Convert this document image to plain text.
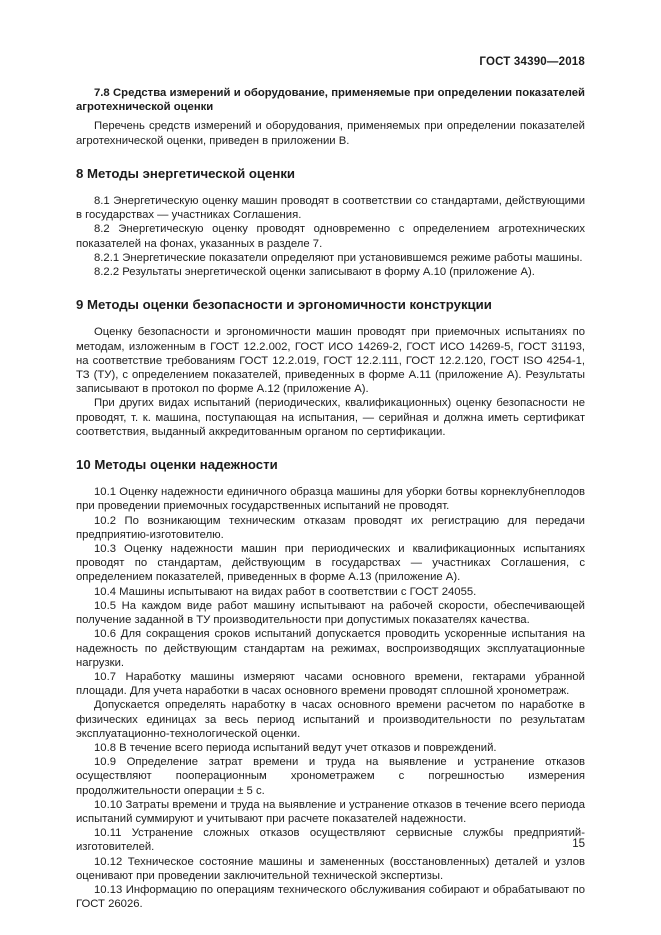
ГОСТ 34390—2018

7.8 Средства измерений и оборудование, применяемые при определении показателей агротехнической оценки

Перечень средств измерений и оборудования, применяемых при определении показателей агротехнической оценки, приведен в приложении В.

8 Методы энергетической оценки

8.1 Энергетическую оценку машин проводят в соответствии со стандартами, действующими в государствах — участниках Соглашения.

8.2 Энергетическую оценку проводят одновременно с определением агротехнических показателей на фонах, указанных в разделе 7.

8.2.1 Энергетические показатели определяют при установившемся режиме работы машины.

8.2.2 Результаты энергетической оценки записывают в форму А.10 (приложение А).

9 Методы оценки безопасности и эргономичности конструкции

Оценку безопасности и эргономичности машин проводят при приемочных испытаниях по методам, изложенным в ГОСТ 12.2.002, ГОСТ ИСО 14269-2, ГОСТ ИСО 14269-5, ГОСТ 31193, на соответствие требованиям ГОСТ 12.2.019, ГОСТ 12.2.111, ГОСТ 12.2.120, ГОСТ ISO 4254-1, ТЗ (ТУ), с определением показателей, приведенных в форме А.11 (приложение А). Результаты записывают в протокол по форме А.12 (приложение А).

При других видах испытаний (периодических, квалификационных) оценку безопасности не проводят, т. к. машина, поступающая на испытания, — серийная и должна иметь сертификат соответствия, выданный аккредитованным органом по сертификации.

10 Методы оценки надежности

10.1 Оценку надежности единичного образца машины для уборки ботвы корнеклубнеплодов при проведении приемочных государственных испытаний не проводят.

10.2 По возникающим техническим отказам проводят их регистрацию для передачи предприятию-изготовителю.

10.3 Оценку надежности машин при периодических и квалификационных испытаниях проводят по стандартам, действующим в государствах — участниках Соглашения, с определением показателей, приведенных в форме А.13 (приложение А).

10.4 Машины испытывают на видах работ в соответствии с ГОСТ 24055.

10.5 На каждом виде работ машину испытывают на рабочей скорости, обеспечивающей получение заданной в ТУ производительности при допустимых показателях качества.

10.6 Для сокращения сроков испытаний допускается проводить ускоренные испытания на надежность по действующим стандартам на режимах, воспроизводящих эксплуатационные нагрузки.

10.7 Наработку машины измеряют часами основного времени, гектарами убранной площади. Для учета наработки в часах основного времени проводят сплошной хронометраж.

Допускается определять наработку в часах основного времени расчетом по наработке в физических единицах за весь период испытаний и производительности по результатам эксплуатационно-технологической оценки.

10.8 В течение всего периода испытаний ведут учет отказов и повреждений.

10.9 Определение затрат времени и труда на выявление и устранение отказов осуществляют пооперационным хронометражем с погрешностью измерения продолжительности операции ± 5 с.

10.10 Затраты времени и труда на выявление и устранение отказов в течение всего периода испытаний суммируют и учитывают при расчете показателей надежности.

10.11 Устранение сложных отказов осуществляют сервисные службы предприятий-изготовителей.

10.12 Техническое состояние машины и замененных (восстановленных) деталей и узлов оценивают при проведении заключительной технической экспертизы.

10.13 Информацию по операциям технического обслуживания собирают и обрабатывают по ГОСТ 26026.

15
